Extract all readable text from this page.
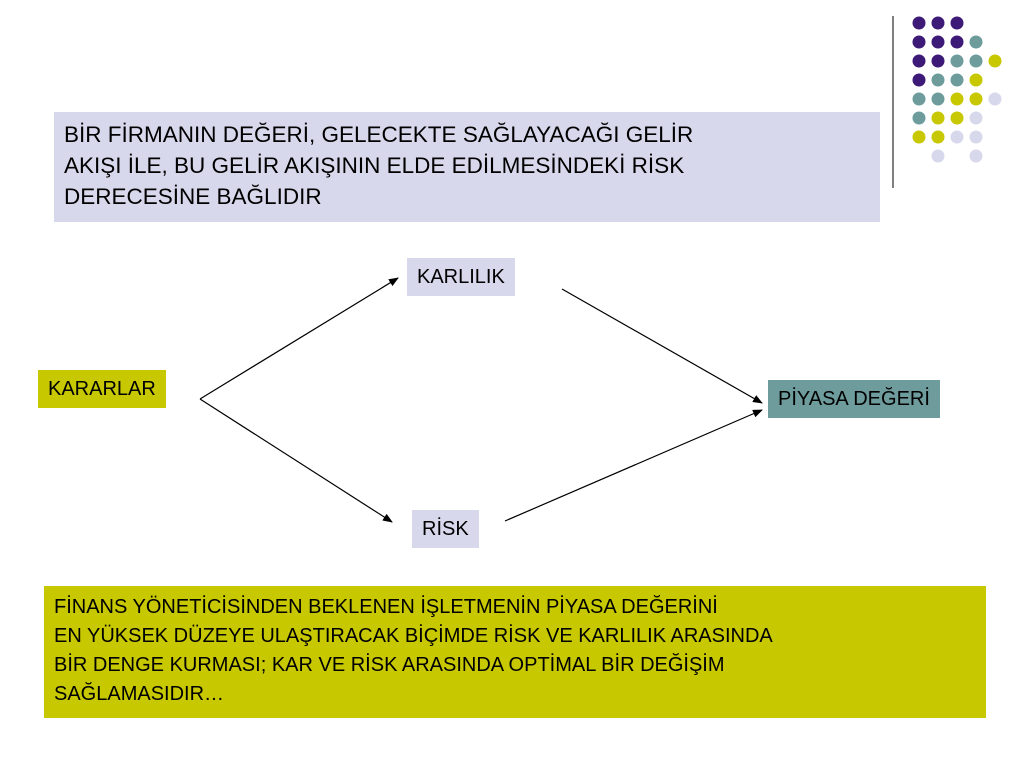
BİR FİRMANIN DEĞERİ, GELECEKTE SAĞLAYACAĞI GELİR
AKIŞI İLE, BU GELİR AKIŞININ ELDE EDİLMESİNDEKİ RİSK
DERECESİNE BAĞLIDIR
KARLILIK
KARARLAR	PİYASA DEĞERİ
RİSK
FİNANS YÖNETİCİSİNDEN BEKLENEN İŞLETMENİN PİYASA DEĞERİNİ
EN YÜKSEK DÜZEYE ULAŞTIRACAK BİÇİMDE RİSK VE KARLILIK ARASINDA
BİR DENGE KURMASI; KAR VE RİSK ARASINDA OPTİMAL BİR DEĞİŞİM
SAĞLAMASIDIR…
